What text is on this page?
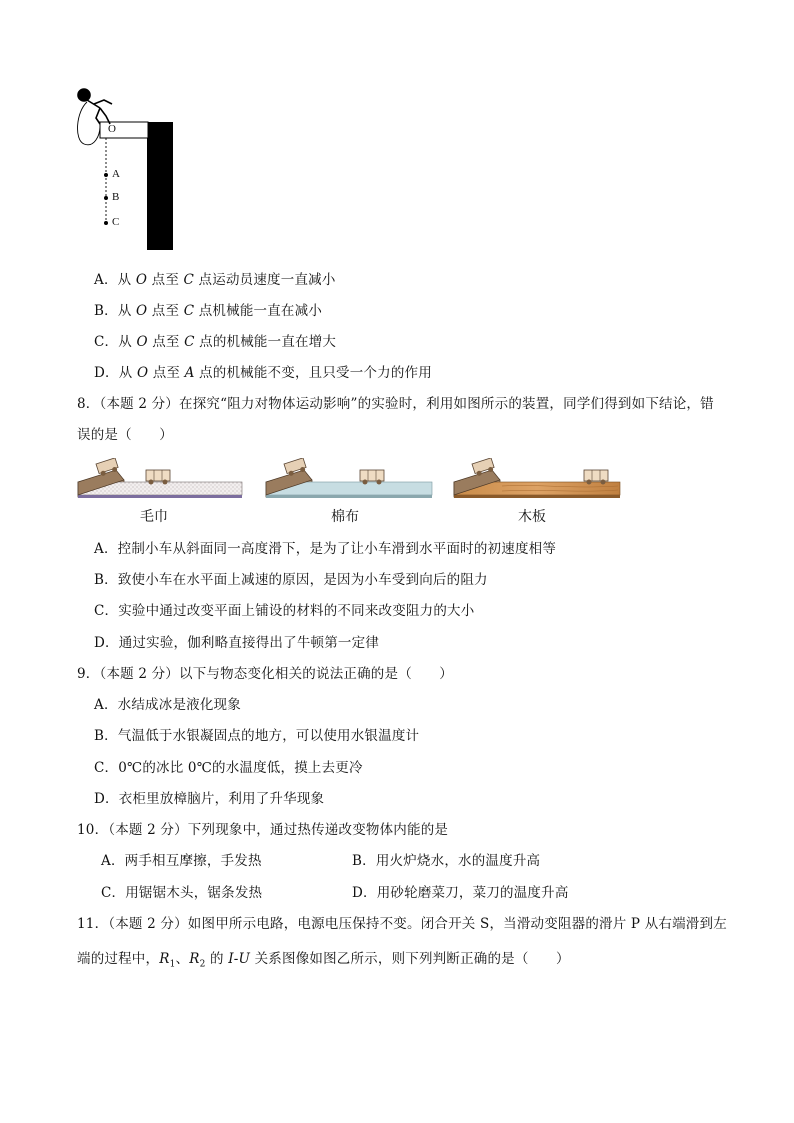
O
A
B
C
A．从 O 点至 C 点运动员速度一直减小
B．从 O 点至 C 点机械能一直在减小
C．从 O 点至 C 点的机械能一直在增大
D．从 O 点至 A 点的机械能不变，且只受一个力的作用
8．（本题 2 分）在探究“阻力对物体运动影响”的实验时，利用如图所示的装置，同学们得到如下结论，错
误的是（　　）
毛巾	棉布	木板
A．控制小车从斜面同一高度滑下，是为了让小车滑到水平面时的初速度相等
B．致使小车在水平面上减速的原因，是因为小车受到向后的阻力
C．实验中通过改变平面上铺设的材料的不同来改变阻力的大小
D．通过实验，伽利略直接得出了牛顿第一定律
9．（本题 2 分）以下与物态变化相关的说法正确的是（　　）
A．水结成冰是液化现象
B．气温低于水银凝固点的地方，可以使用水银温度计
C．0℃的冰比 0℃的水温度低，摸上去更冷
D．衣柜里放樟脑片，利用了升华现象
10．（本题 2 分）下列现象中，通过热传递改变物体内能的是
A．两手相互摩擦，手发热	B．用火炉烧水，水的温度升高
C．用锯锯木头，锯条发热	D．用砂轮磨菜刀，菜刀的温度升高
11．（本题 2 分）如图甲所示电路，电源电压保持不变。闭合开关 S，当滑动变阻器的滑片 P 从右端滑到左
端的过程中，$R_1$、$R_2$ 的 I-U 关系图像如图乙所示，则下列判断正确的是（　　）
